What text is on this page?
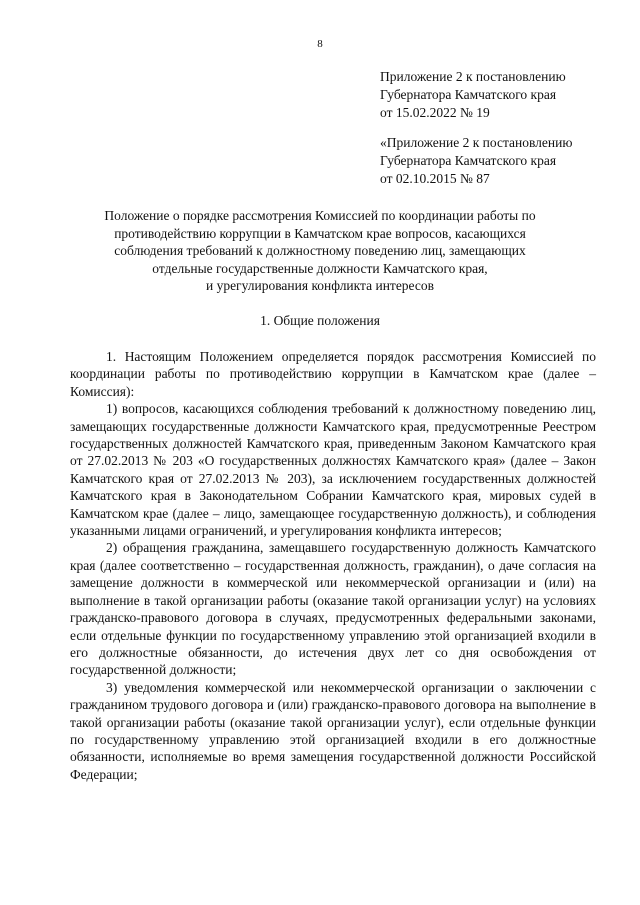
8
Приложение 2 к постановлению
Губернатора Камчатского края
от 15.02.2022 № 19
«Приложение 2 к постановлению
Губернатора Камчатского края
от 02.10.2015 № 87
Положение о порядке рассмотрения Комиссией по координации работы по
противодействию коррупции в Камчатском крае вопросов, касающихся
соблюдения требований к должностному поведению лиц, замещающих
отдельные государственные должности Камчатского края,
и урегулирования конфликта интересов
1. Общие положения

1. Настоящим Положением определяется порядок рассмотрения Комиссией по координации работы по противодействию коррупции в Камчатском крае (далее – Комиссия):

1) вопросов, касающихся соблюдения требований к должностному поведению лиц, замещающих государственные должности Камчатского края, предусмотренные Реестром государственных должностей Камчатского края, приведенным Законом Камчатского края от 27.02.2013 № 203 «О государственных должностях Камчатского края» (далее – Закон Камчатского края от 27.02.2013 № 203), за исключением государственных должностей Камчатского края в Законодательном Собрании Камчатского края, мировых судей в Камчатском крае (далее – лицо, замещающее государственную должность), и соблюдения указанными лицами ограничений, и урегулирования конфликта интересов;

2) обращения гражданина, замещавшего государственную должность Камчатского края (далее соответственно – государственная должность, гражданин), о даче согласия на замещение должности в коммерческой или некоммерческой организации и (или) на выполнение в такой организации работы (оказание такой организации услуг) на условиях гражданско-правового договора в случаях, предусмотренных федеральными законами, если отдельные функции по государственному управлению этой организацией входили в его должностные обязанности, до истечения двух лет со дня освобождения от государственной должности;

3) уведомления коммерческой или некоммерческой организации о заключении с гражданином трудового договора и (или) гражданско-правового договора на выполнение в такой организации работы (оказание такой организации услуг), если отдельные функции по государственному управлению этой организацией входили в его должностные обязанности, исполняемые во время замещения государственной должности Российской Федерации;
